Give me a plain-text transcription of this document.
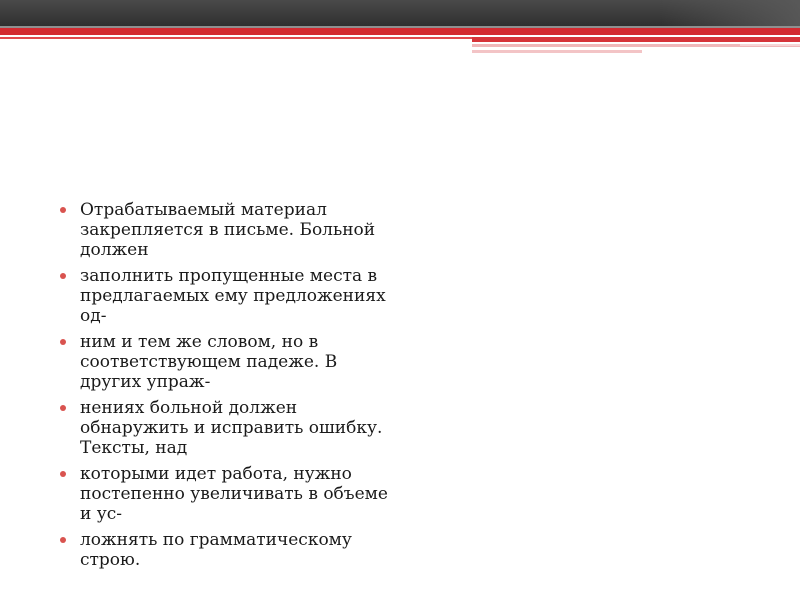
Отрабатываемый материал закрепляется в письме. Больной должен
заполнить пропущенные места в предлагаемых ему предложениях од-
ним и тем же словом, но в соответствующем падеже. В других упраж-
нениях больной должен обнаружить и исправить ошибку. Тексты, над
которыми идет работа, нужно постепенно увеличивать в объеме и ус-
ложнять по грамматическому строю.
